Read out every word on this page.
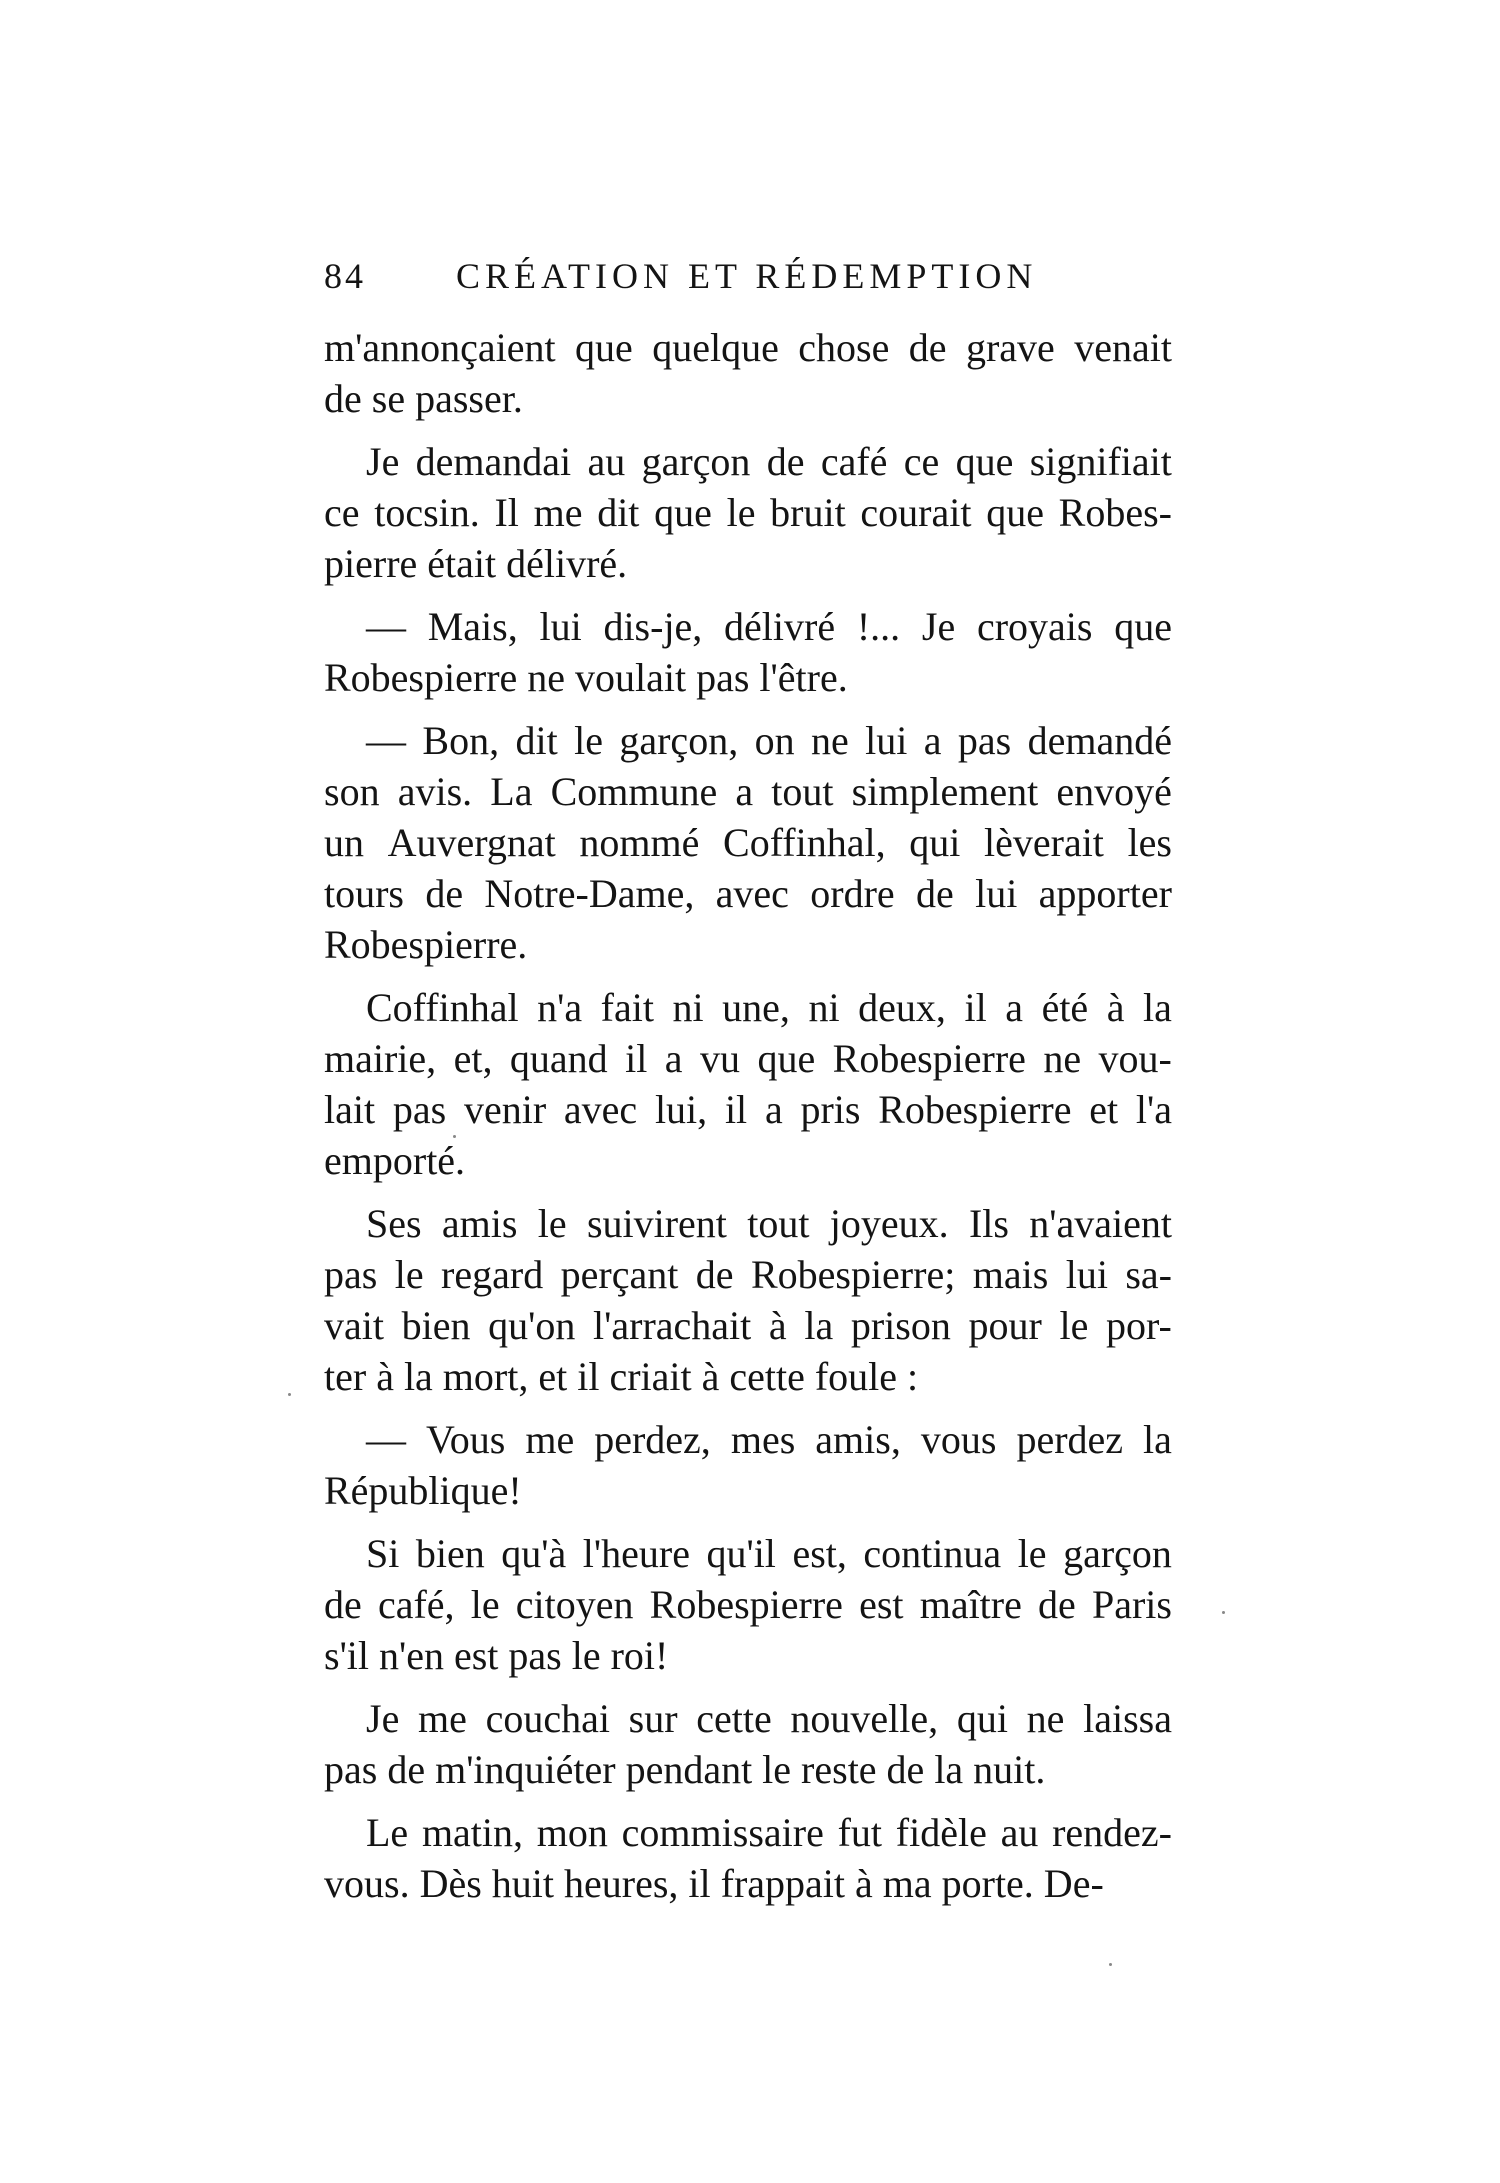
84	CRÉATION ET RÉDEMPTION
m'annonçaient que quelque chose de grave venait
de se passer.
Je demandai au garçon de café ce que signifiait
ce tocsin. Il me dit que le bruit courait que Robes-
pierre était délivré.
— Mais, lui dis-je, délivré !... Je croyais que
Robespierre ne voulait pas l'être.
— Bon, dit le garçon, on ne lui a pas demandé
son avis. La Commune a tout simplement envoyé
un Auvergnat nommé Coffinhal, qui lèverait les
tours de Notre-Dame, avec ordre de lui apporter
Robespierre.
Coffinhal n'a fait ni une, ni deux, il a été à la
mairie, et, quand il a vu que Robespierre ne vou-
lait pas venir avec lui, il a pris Robespierre et l'a
emporté.
Ses amis le suivirent tout joyeux. Ils n'avaient
pas le regard perçant de Robespierre; mais lui sa-
vait bien qu'on l'arrachait à la prison pour le por-
ter à la mort, et il criait à cette foule :
— Vous me perdez, mes amis, vous perdez la
République!
Si bien qu'à l'heure qu'il est, continua le garçon
de café, le citoyen Robespierre est maître de Paris
s'il n'en est pas le roi!
Je me couchai sur cette nouvelle, qui ne laissa
pas de m'inquiéter pendant le reste de la nuit.
Le matin, mon commissaire fut fidèle au rendez-
vous. Dès huit heures, il frappait à ma porte. De-
